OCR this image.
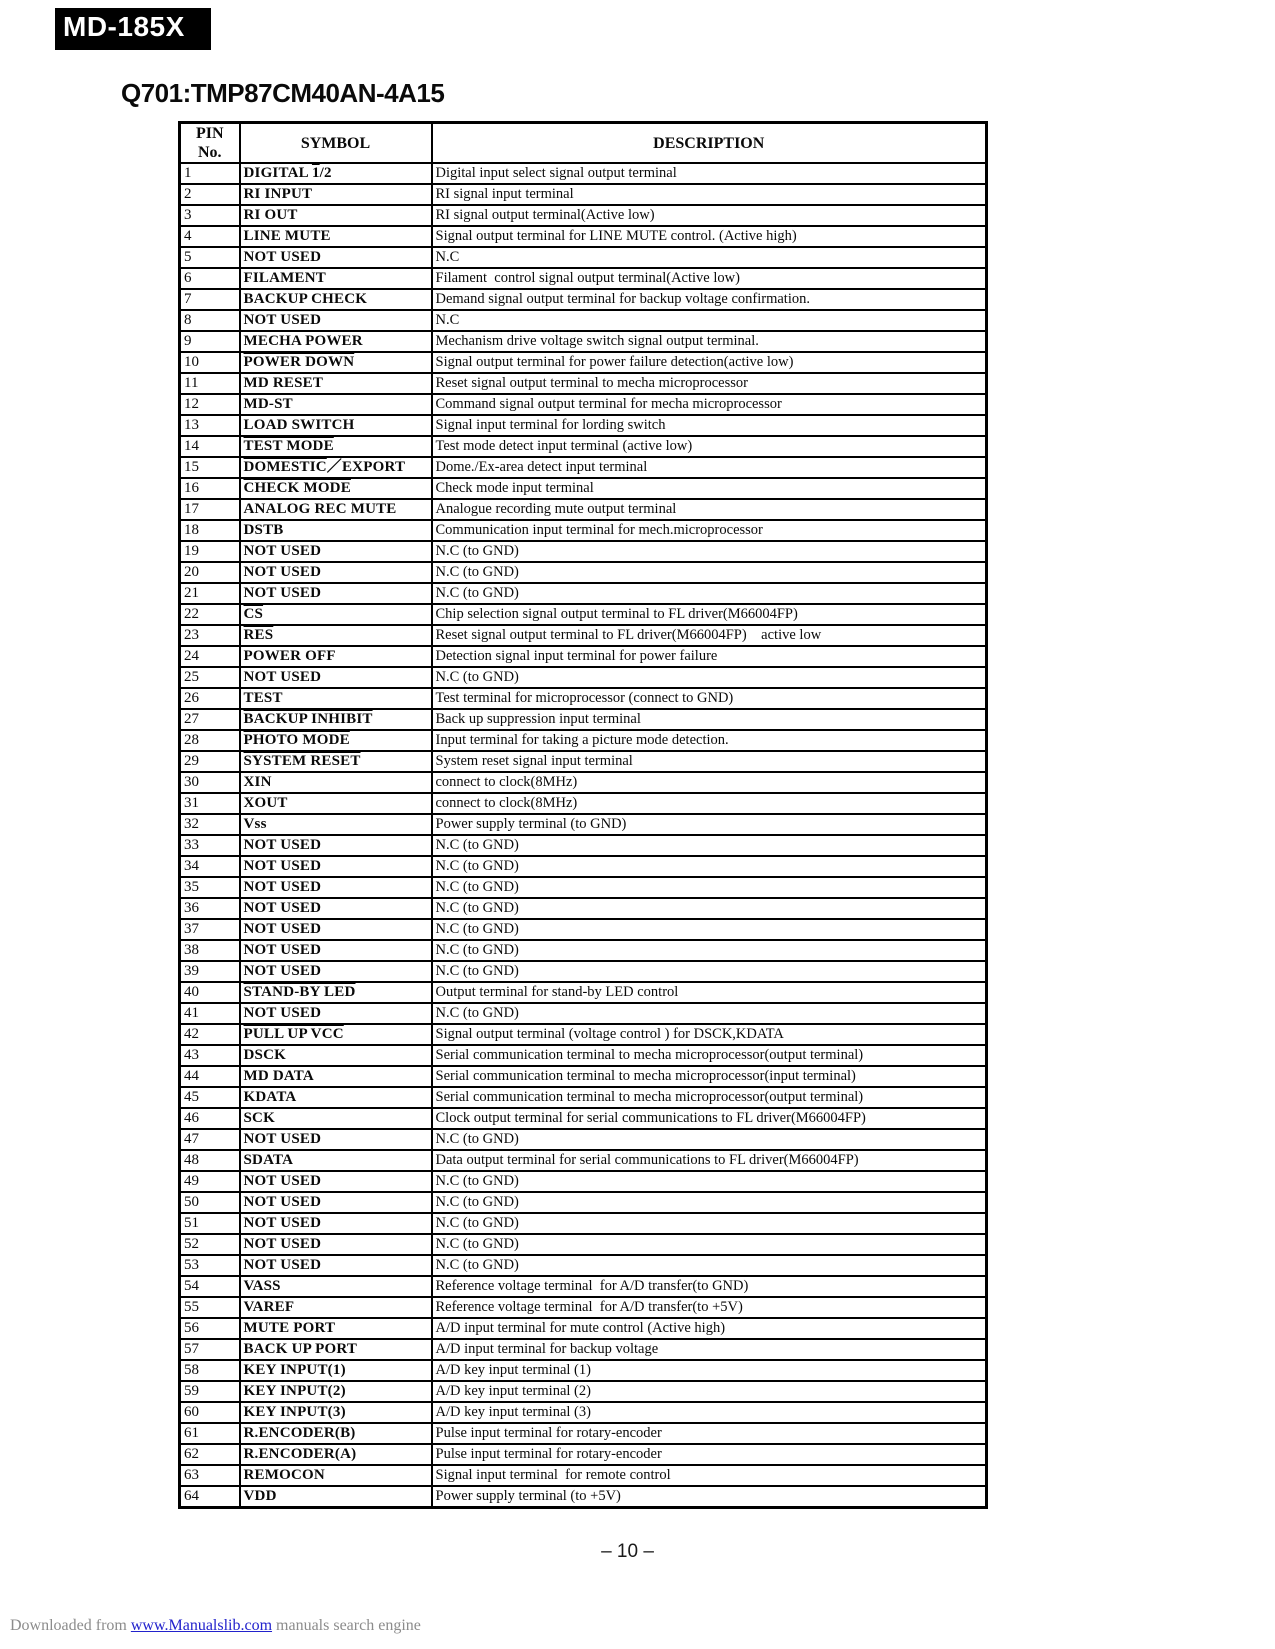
MD-185X
Q701:TMP87CM40AN-4A15
PIN No.	SYMBOL	DESCRIPTION
1	DIGITAL 1/2	Digital input select signal output terminal
2	RI INPUT	RI signal input terminal
3	RI OUT	RI signal output terminal(Active low)
4	LINE MUTE	Signal output terminal for LINE MUTE control. (Active high)
5	NOT USED	N.C
6	FILAMENT	Filament  control signal output terminal(Active low)
7	BACKUP CHECK	Demand signal output terminal for backup voltage confirmation.
8	NOT USED	N.C
9	MECHA POWER	Mechanism drive voltage switch signal output terminal.
10	POWER DOWN	Signal output terminal for power failure detection(active low)
11	MD RESET	Reset signal output terminal to mecha microprocessor
12	MD-ST	Command signal output terminal for mecha microprocessor
13	LOAD SWITCH	Signal input terminal for lording switch
14	TEST MODE	Test mode detect input terminal (active low)
15	DOMESTIC／EXPORT	Dome./Ex-area detect input terminal
16	CHECK MODE	Check mode input terminal
17	ANALOG REC MUTE	Analogue recording mute output terminal
18	DSTB	Communication input terminal for mech.microprocessor
19	NOT USED	N.C (to GND)
20	NOT USED	N.C (to GND)
21	NOT USED	N.C (to GND)
22	$\overline{CS}$	Chip selection signal output terminal to FL driver(M66004FP)
23	$\overline{RES}$	Reset signal output terminal to FL driver(M66004FP)    active low
24	POWER OFF	Detection signal input terminal for power failure
25	NOT USED	N.C (to GND)
26	TEST	Test terminal for microprocessor (connect to GND)
27	BACKUP INHIBIT	Back up suppression input terminal
28	PHOTO MODE	Input terminal for taking a picture mode detection.
29	SYSTEM RESET	System reset signal input terminal
30	XIN	connect to clock(8MHz)
31	XOUT	connect to clock(8MHz)
32	Vss	Power supply terminal (to GND)
33	NOT USED	N.C (to GND)
34	NOT USED	N.C (to GND)
35	NOT USED	N.C (to GND)
36	NOT USED	N.C (to GND)
37	NOT USED	N.C (to GND)
38	NOT USED	N.C (to GND)
39	NOT USED	N.C (to GND)
40	STAND-BY LED	Output terminal for stand-by LED control
41	NOT USED	N.C (to GND)
42	PULL UP VCC	Signal output terminal (voltage control ) for DSCK,KDATA
43	DSCK	Serial communication terminal to mecha microprocessor(output terminal)
44	MD DATA	Serial communication terminal to mecha microprocessor(input terminal)
45	KDATA	Serial communication terminal to mecha microprocessor(output terminal)
46	SCK	Clock output terminal for serial communications to FL driver(M66004FP)
47	NOT USED	N.C (to GND)
48	SDATA	Data output terminal for serial communications to FL driver(M66004FP)
49	NOT USED	N.C (to GND)
50	NOT USED	N.C (to GND)
51	NOT USED	N.C (to GND)
52	NOT USED	N.C (to GND)
53	NOT USED	N.C (to GND)
54	VASS	Reference voltage terminal  for A/D transfer(to GND)
55	VAREF	Reference voltage terminal  for A/D transfer(to +5V)
56	MUTE PORT	A/D input terminal for mute control (Active high)
57	BACK UP PORT	A/D input terminal for backup voltage
58	KEY INPUT(1)	A/D key input terminal (1)
59	KEY INPUT(2)	A/D key input terminal (2)
60	KEY INPUT(3)	A/D key input terminal (3)
61	R.ENCODER(B)	Pulse input terminal for rotary-encoder
62	R.ENCODER(A)	Pulse input terminal for rotary-encoder
63	REMOCON	Signal input terminal  for remote control
64	VDD	Power supply terminal (to +5V)
– 10 –
Downloaded from www.Manualslib.com manuals search engine
